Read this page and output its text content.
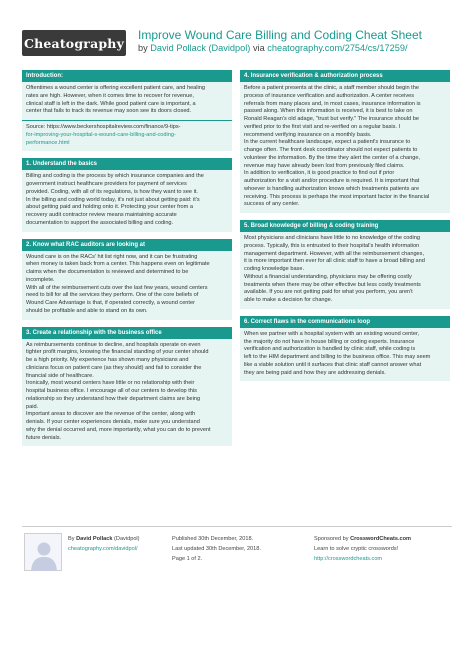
Cheatography
Improve Wound Care Billing and Coding Cheat Sheet
by David Pollack (Davidpol) via cheatography.com/2754/cs/17259/
Introduction:
Oftentimes a wound center is offering excellent patient care, and healing
rates are high. However, when it comes time to recover for revenue,
clinical staff is left in the dark. While good patient care is important, a
center that fails to track its revenue may soon see its doors closed.
Source: https://www.beckershospitalreview.com/finance/9-tips-
for-improving-your-hospital-s-wound-care-billing-and-coding-
performance.html
1. Understand the basics
Billing and coding is the process by which insurance companies and the
government instruct healthcare providers for payment of services
provided. Coding, with all of its regulations, is how they want to see it.
In the billing and coding world today, it's not just about getting paid: it's
about getting paid and holding onto it. Protecting your center from a
recovery audit contractor review means maintaining accurate
documentation to support the associated billing and coding.
2. Know what RAC auditors are looking at
Wound care is on the RACs' hit list right now, and it can be frustrating
when money is taken back from a center. This happens even on legitimate
claims when the documentation is reviewed and determined to be
incomplete.
With all of the reimbursement cuts over the last few years, wound centers
need to bill for all the services they perform. One of the core beliefs of
Wound Care Advantage is that, if operated correctly, a wound center
should be profitable and able to stand on its own.
3. Create a relationship with the business office
As reimbursements continue to decline, and hospitals operate on even
tighter profit margins, knowing the financial standing of your center should
be a high priority. My experience has shown many physicians and
clinicians focus on patient care (as they should) and fail to consider the
financial side of healthcare.
Ironically, most wound centers have little or no relationship with their
hospital business office. I encourage all of our centers to develop this
relationship so they understand how their department claims are being
paid.
Important areas to discover are the revenue of the center, along with
denials. If your center experiences denials, make sure you understand
why the denial occurred and, more importantly, what you can do to prevent
future denials.
4. Insurance verification & authorization process
Before a patient presents at the clinic, a staff member should begin the
process of insurance verification and authorization. A center receives
referrals from many places and, in most cases, insurance information is
passed along. When this information is received, it is best to take on
Ronald Reagan's old adage, "trust but verify." The insurance should be
verified prior to the first visit and re-verified on a regular basis. I
recommend verifying insurance on a monthly basis.
In the current healthcare landscape, expect a patient's insurance to
change often. The front desk coordinator should not expect patients to
volunteer the information. By the time they alert the center of a change,
revenue may have already been lost from previously filed claims.
In addition to verification, it is good practice to find out if prior
authorization for a visit and/or procedure is required. It is important that
whoever is handling authorization knows which treatments patients are
receiving. This process is perhaps the most important factor in the financial
success of any center.
5. Broad knowledge of billing & coding training
Most physicians and clinicians have little to no knowledge of the coding
process. Typically, this is entrusted to their hospital's health information
management department. However, with all the reimbursement changes,
it is more important then ever for all clinic staff to have a broad billing and
coding knowledge base.
Without a financial understanding, physicians may be offering costly
treatments when there may be other effective but less costly treatments
available. If you are not getting paid for what you perform, you aren't
able to make a decision for change.
6. Correct flaws in the communications loop
When we partner with a hospital system with an existing wound center,
the majority do not have in house billing or coding experts. Insurance
verification and authorization is handled by clinic staff, while coding is
left to the HIM department and billing to the business office. This may seem
like a viable solution until it surfaces that clinic staff cannot answer what
they are being paid and how they are addressing denials.
By David Pollack (Davidpol)
cheatography.com/davidpol/
Published 30th December, 2018.
Last updated 30th December, 2018.
Page 1 of 2.
Sponsored by CrosswordCheats.com
Learn to solve cryptic crosswords!
http://crosswordcheats.com
